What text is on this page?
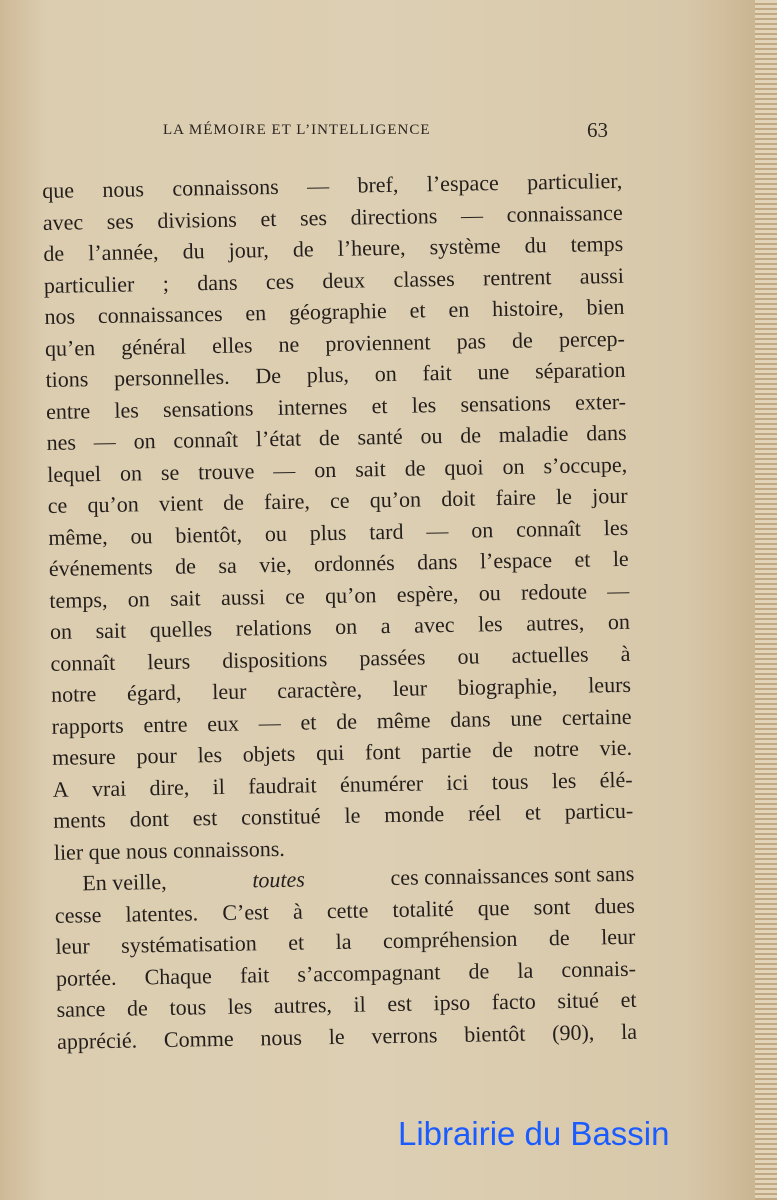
LA MÉMOIRE ET L’INTELLIGENCE	63
que nous connaissons — bref, l’espace particulier,
avec ses divisions et ses directions — connaissance
de l’année, du jour, de l’heure, système du temps
particulier ; dans ces deux classes rentrent aussi
nos connaissances en géographie et en histoire, bien
qu’en général elles ne proviennent pas de percep-
tions personnelles. De plus, on fait une séparation
entre les sensations internes et les sensations exter-
nes — on connaît l’état de santé ou de maladie dans
lequel on se trouve — on sait de quoi on s’occupe,
ce qu’on vient de faire, ce qu’on doit faire le jour
même, ou bientôt, ou plus tard — on connaît les
événements de sa vie, ordonnés dans l’espace et le
temps, on sait aussi ce qu’on espère, ou redoute —
on sait quelles relations on a avec les autres, on
connaît leurs dispositions passées ou actuelles à
notre égard, leur caractère, leur biographie, leurs
rapports entre eux — et de même dans une certaine
mesure pour les objets qui font partie de notre vie.
A vrai dire, il faudrait énumérer ici tous les élé-
ments dont est constitué le monde réel et particu-
lier que nous connaissons.
En veille,	toutes	ces connaissances sont sans
cesse latentes. C’est à cette totalité que sont dues
leur systématisation et la compréhension de leur
portée. Chaque fait s’accompagnant de la connais-
sance de tous les autres, il est ipso facto situé et
apprécié. Comme nous le verrons bientôt (90), la
Librairie du Bassin
